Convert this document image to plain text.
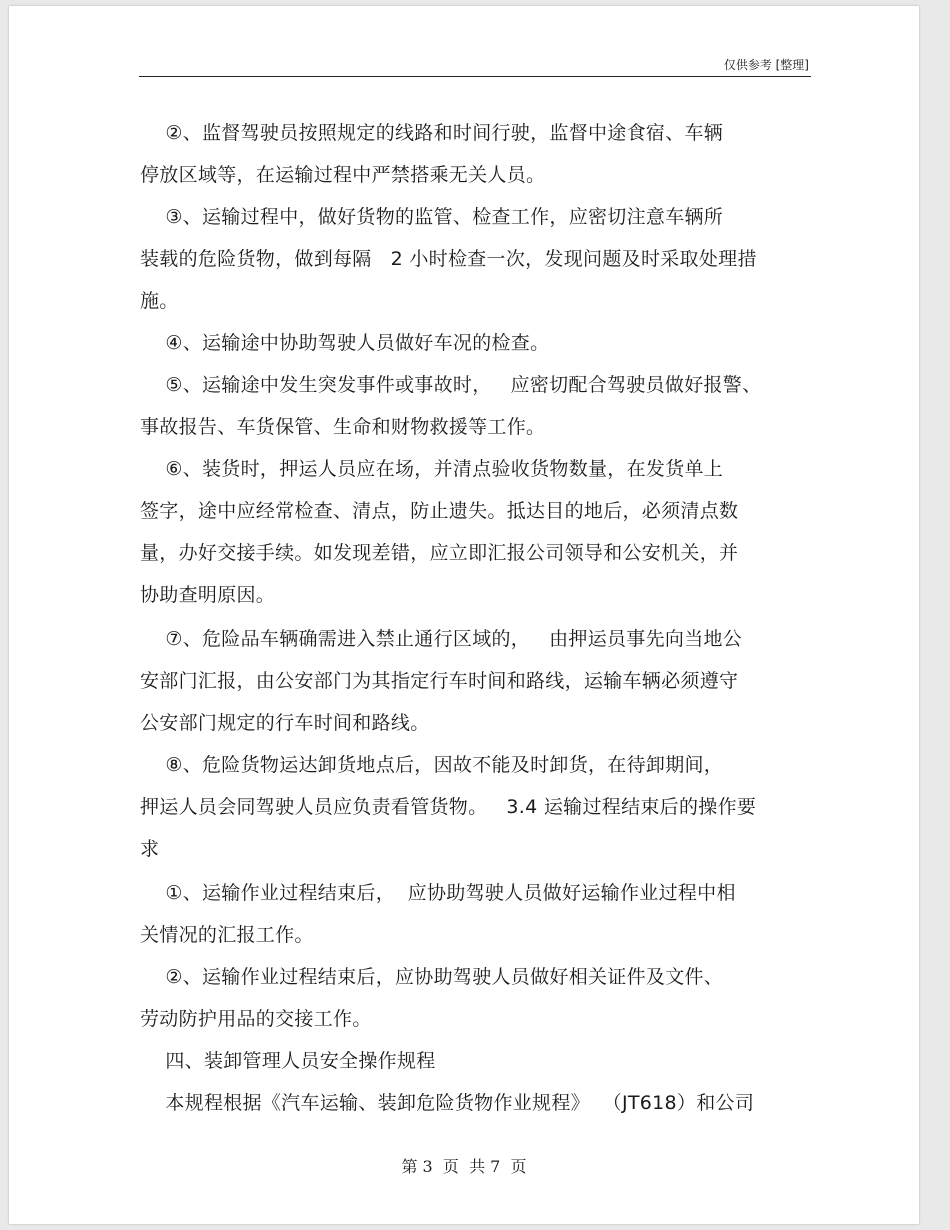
仅供参考 [整理]
②、监督驾驶员按照规定的线路和时间行驶，监督中途食宿、车辆
停放区域等，在运输过程中严禁搭乘无关人员。
③、运输过程中，做好货物的监管、检查工作，应密切注意车辆所
装载的危险货物，做到每隔   2 小时检查一次，发现问题及时采取处理措
施。
④、运输途中协助驾驶人员做好车况的检查。
⑤、运输途中发生突发事件或事故时，   应密切配合驾驶员做好报警、
事故报告、车货保管、生命和财物救援等工作。
⑥、装货时，押运人员应在场，并清点验收货物数量，在发货单上
签字，途中应经常检查、清点，防止遗失。抵达目的地后，必须清点数
量，办好交接手续。如发现差错，应立即汇报公司领导和公安机关，并
协助查明原因。
⑦、危险品车辆确需进入禁止通行区域的，   由押运员事先向当地公
安部门汇报，由公安部门为其指定行车时间和路线，运输车辆必须遵守
公安部门规定的行车时间和路线。
⑧、危险货物运达卸货地点后，因故不能及时卸货，在待卸期间，
押运人员会同驾驶人员应负责看管货物。   3.4 运输过程结束后的操作要
求
①、运输作业过程结束后，  应协助驾驶人员做好运输作业过程中相
关情况的汇报工作。
②、运输作业过程结束后，应协助驾驶人员做好相关证件及文件、
劳动防护用品的交接工作。
四、装卸管理人员安全操作规程
本规程根据《汽车运输、装卸危险货物作业规程》  （JT618）和公司
第 3  页  共 7  页
